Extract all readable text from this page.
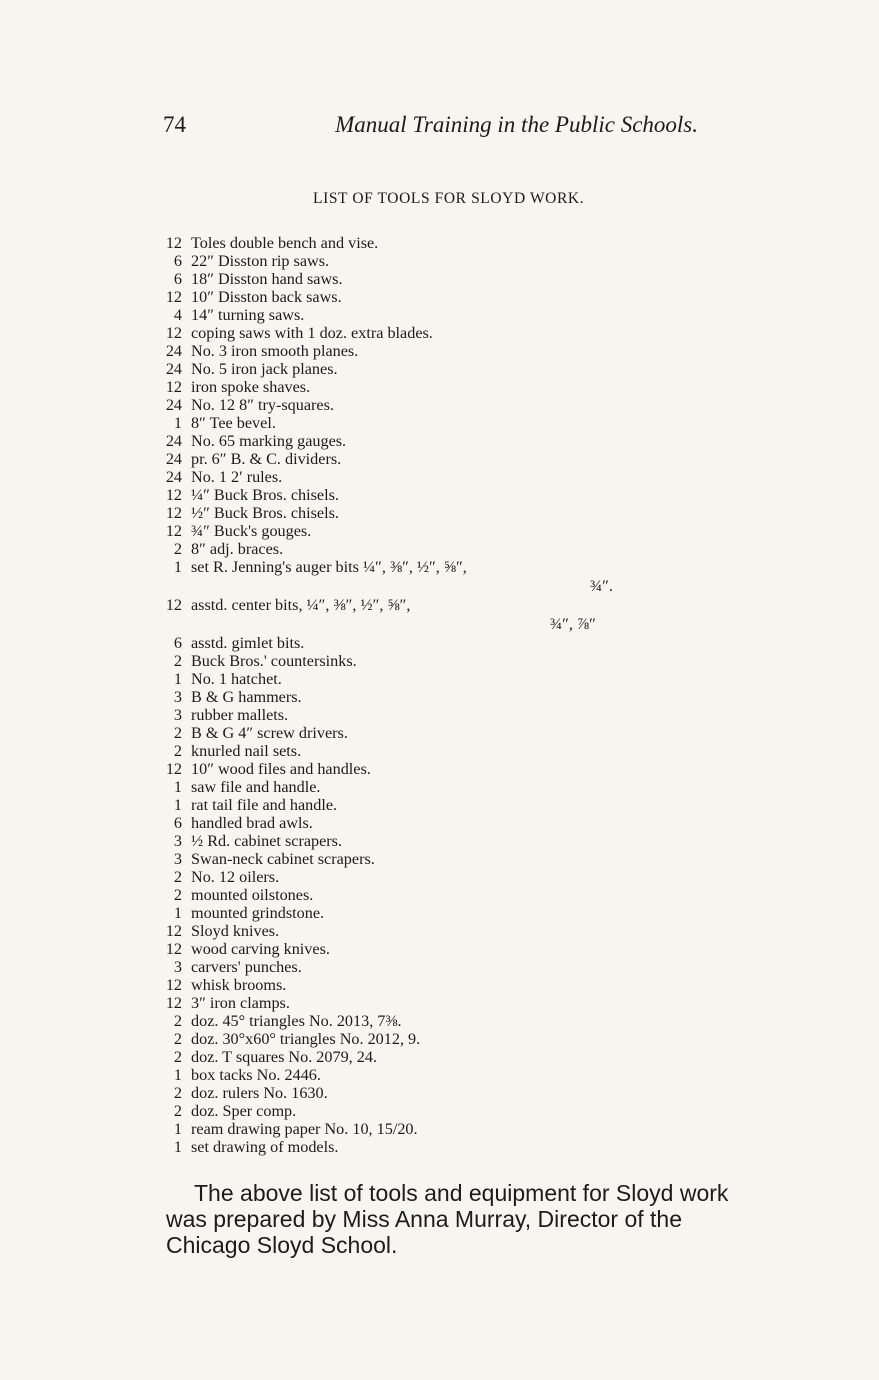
74	Manual Training in the Public Schools.
LIST OF TOOLS FOR SLOYD WORK.
12 Toles double bench and vise.
6 22″ Disston rip saws.
6 18″ Disston hand saws.
12 10″ Disston back saws.
4 14″ turning saws.
12 coping saws with 1 doz. extra blades.
24 No. 3 iron smooth planes.
24 No. 5 iron jack planes.
12 iron spoke shaves.
24 No. 12 8″ try-squares.
1 8″ Tee bevel.
24 No. 65 marking gauges.
24 pr. 6″ B. & C. dividers.
24 No. 1 2′ rules.
12 ¼″ Buck Bros. chisels.
12 ½″ Buck Bros. chisels.
12 ¾″ Buck's gouges.
2 8″ adj. braces.
1 set R. Jenning's auger bits ¼″, ⅜″, ½″, ⅝″,
¾″.
12 asstd. center bits, ¼″, ⅜″, ½″, ⅝″,
¾″, ⅞″
6 asstd. gimlet bits.
2 Buck Bros.' countersinks.
1 No. 1 hatchet.
3 B & G hammers.
3 rubber mallets.
2 B & G 4″ screw drivers.
2 knurled nail sets.
12 10″ wood files and handles.
1 saw file and handle.
1 rat tail file and handle.
6 handled brad awls.
3 ½ Rd. cabinet scrapers.
3 Swan-neck cabinet scrapers.
2 No. 12 oilers.
2 mounted oilstones.
1 mounted grindstone.
12 Sloyd knives.
12 wood carving knives.
3 carvers' punches.
12 whisk brooms.
12 3″ iron clamps.
2 doz. 45° triangles No. 2013, 7⅜.
2 doz. 30°x60° triangles No. 2012, 9.
2 doz. T squares No. 2079, 24.
1 box tacks No. 2446.
2 doz. rulers No. 1630.
2 doz. Sper comp.
1 ream drawing paper No. 10, 15/20.
1 set drawing of models.
The above list of tools and equipment for Sloyd work
was prepared by Miss Anna Murray, Director of the
Chicago Sloyd School.
